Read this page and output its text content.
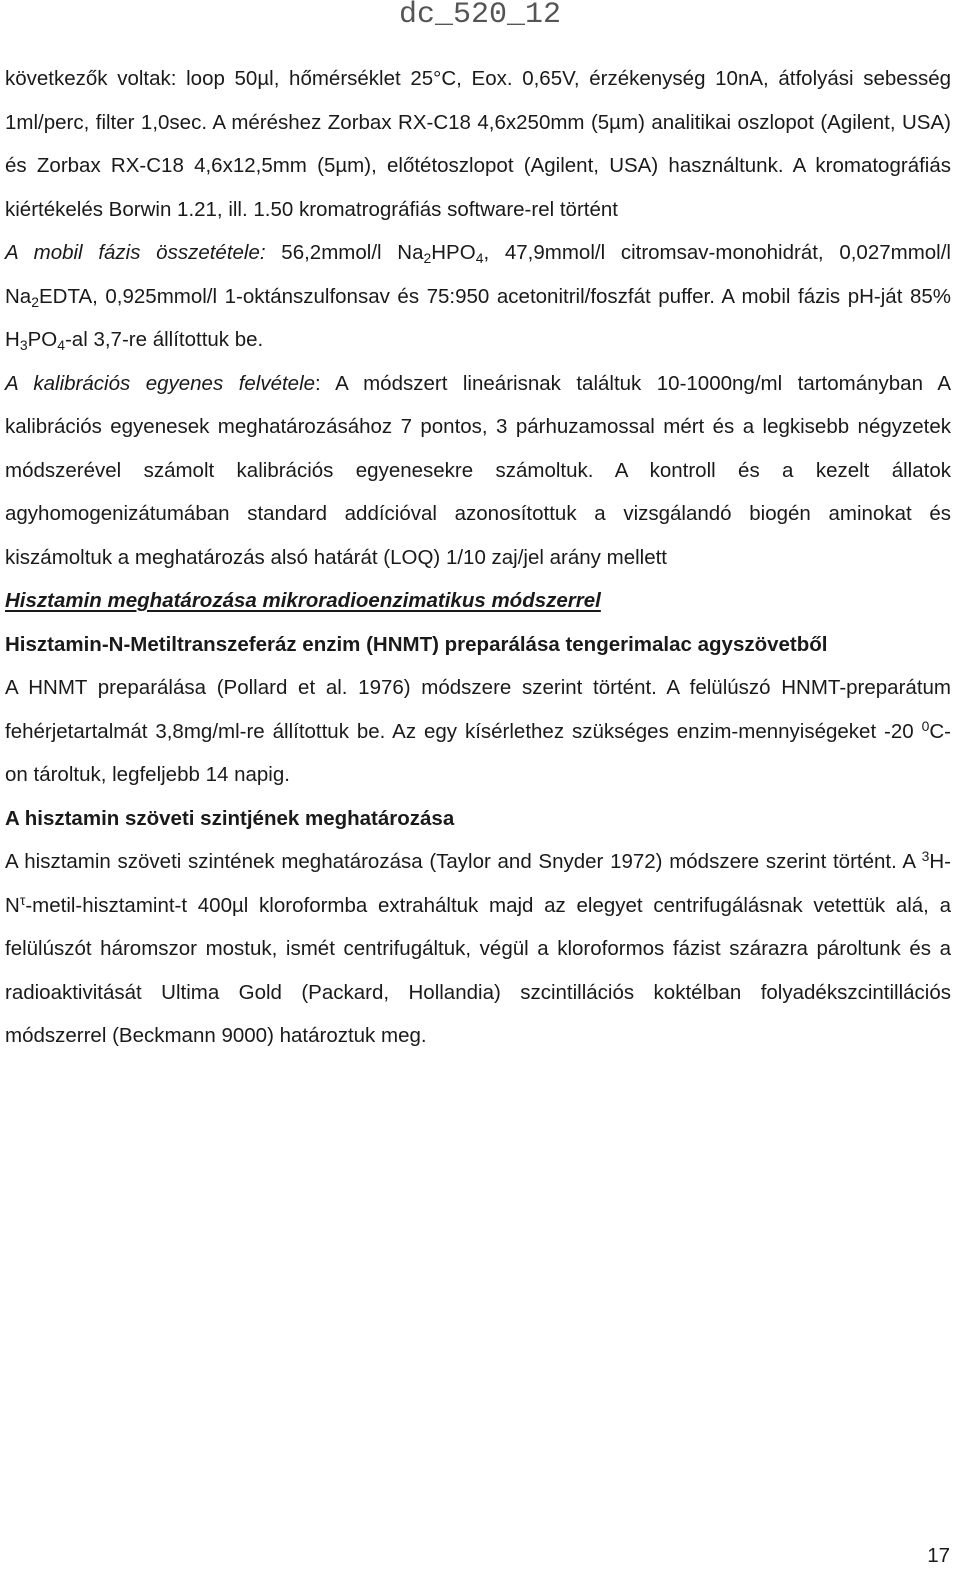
dc_520_12

következők voltak: loop 50µl, hőmérséklet 25°C, Eox. 0,65V, érzékenység 10nA, átfolyási sebesség 1ml/perc, filter 1,0sec. A méréshez Zorbax RX-C18 4,6x250mm (5µm) analitikai oszlopot (Agilent, USA) és Zorbax RX-C18 4,6x12,5mm (5µm), előtétoszlopot (Agilent, USA) használtunk. A kromatográfiás kiértékelés Borwin 1.21, ill. 1.50 kromatrográfiás software-rel történt

A mobil fázis összetétele: 56,2mmol/l $Na_2HPO_4$, 47,9mmol/l citromsav-monohidrát, 0,027mmol/l $Na_2EDTA$, 0,925mmol/l 1-oktánszulfonsav és 75:950 acetonitril/foszfát puffer. A mobil fázis pH-ját 85% $H_3PO_4-al$ 3,7-re állítottuk be.

A kalibrációs egyenes felvétele: A módszert lineárisnak találtuk 10-1000ng/ml tartományban A kalibrációs egyenesek meghatározásához 7 pontos, 3 párhuzamossal mért és a legkisebb négyzetek módszerével számolt kalibrációs egyenesekre számoltuk. A kontroll és a kezelt állatok agyhomogenizátumában standard addícióval azonosítottuk a vizsgálandó biogén aminokat és kiszámoltuk a meghatározás alsó határát (LOQ) 1/10 zaj/jel arány mellett

Hisztamin meghatározása mikroradioenzimatikus módszerrel

Hisztamin-N-Metiltranszeferáz enzim (HNMT) preparálása tengerimalac agyszövetből

A HNMT preparálása (Pollard et al. 1976) módszere szerint történt. A felülúszó HNMT-preparátum fehérjetartalmát 3,8mg/ml-re állítottuk be. Az egy kísérlethez szükséges enzim-mennyiségeket -20 $^0$C-on tároltuk, legfeljebb 14 napig.

A hisztamin szöveti szintjének meghatározása

A hisztamin szöveti szintének meghatározása (Taylor and Snyder 1972) módszere szerint történt. A $^3H-N^\tau-metil-hisztamint-t$ 400µl kloroformba extraháltuk majd az elegyet centrifugálásnak vetettük alá, a felülúszót háromszor mostuk, ismét centrifugáltuk, végül a kloroformos fázist szárazra pároltunk és a radioaktivitását Ultima Gold (Packard, Hollandia) szcintillációs koktélban folyadékszcintillációs módszerrel (Beckmann 9000) határoztuk meg.

17
